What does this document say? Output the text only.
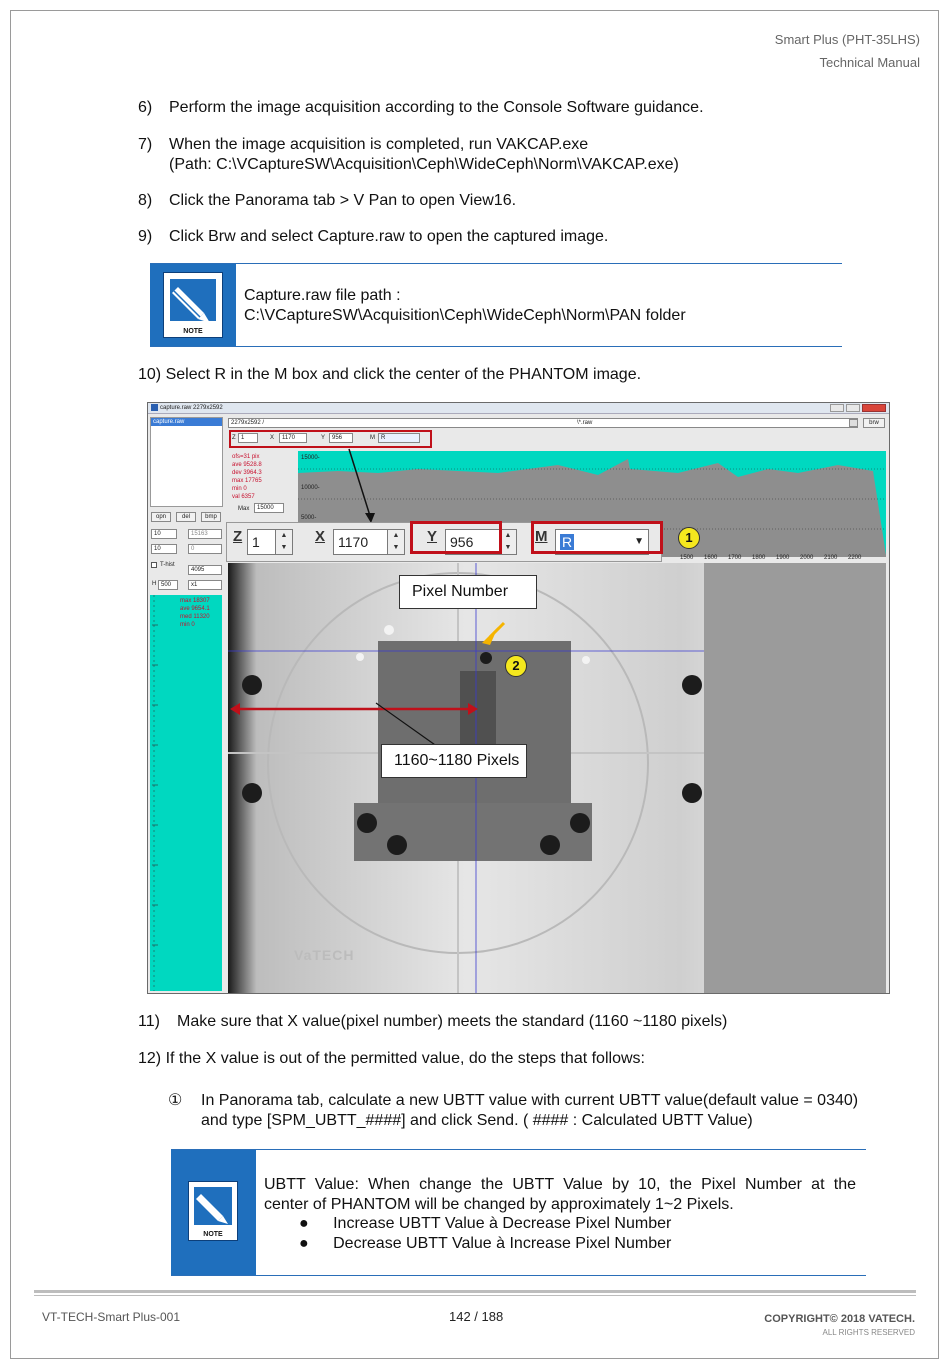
Smart Plus (PHT-35LHS)
Technical Manual
6) Perform the image acquisition according to the Console Software guidance.
7) When the image acquisition is completed, run VAKCAP.exe
(Path: C:\VCaptureSW\Acquisition\Ceph\WideCeph\Norm\VAKCAP.exe)
8) Click the Panorama tab > V Pan to open View16.
9) Click Brw and select Capture.raw to open the captured image.
NOTE
Capture.raw file path :
C:\VCaptureSW\Acquisition\Ceph\WideCeph\Norm\PAN folder
10) Select R in the M box and click the center of the PHANTOM image.
capture.raw 2279x2592
capture.raw	2279x2592 /	\*.raw	brw
Z 1	X	1170	Y	956	M	R
ofs=31 pix
ave 9528.8
dev 3964.3
max 17765
min 0
val 6357
Max	15000
15000-
10000-
5000-
1500 1600 1700 1800 1900 2000 2100 2200
opn	del	bmp
10	15163
10	0
T-hist
4095
H 500	x1
max 18307
ave 9654.1
med 11320
min 0
VaTECH
Z 1	▲
▼
X 1170	▲
▼
Y 956	▲
▼
M	R	▼	1
2
Pixel Number
1160~1180 Pixels
11) Make sure that X value(pixel number) meets the standard (1160 ~1180 pixels)
12) If the X value is out of the permitted value, do the steps that follows:
① In Panorama tab, calculate a new UBTT value with current UBTT value(default value = 0340)
and type [SPM_UBTT_####] and click Send. ( #### : Calculated UBTT Value)
NOTE
UBTT Value: When change the UBTT Value by 10, the Pixel Number at the
center of PHANTOM will be changed by approximately 1~2 Pixels.
● Increase UBTT Value à Decrease Pixel Number
● Decrease UBTT Value à Increase Pixel Number
VT-TECH-Smart Plus-001	142 / 188	COPYRIGHT© 2018 VATECH.
ALL RIGHTS RESERVED
